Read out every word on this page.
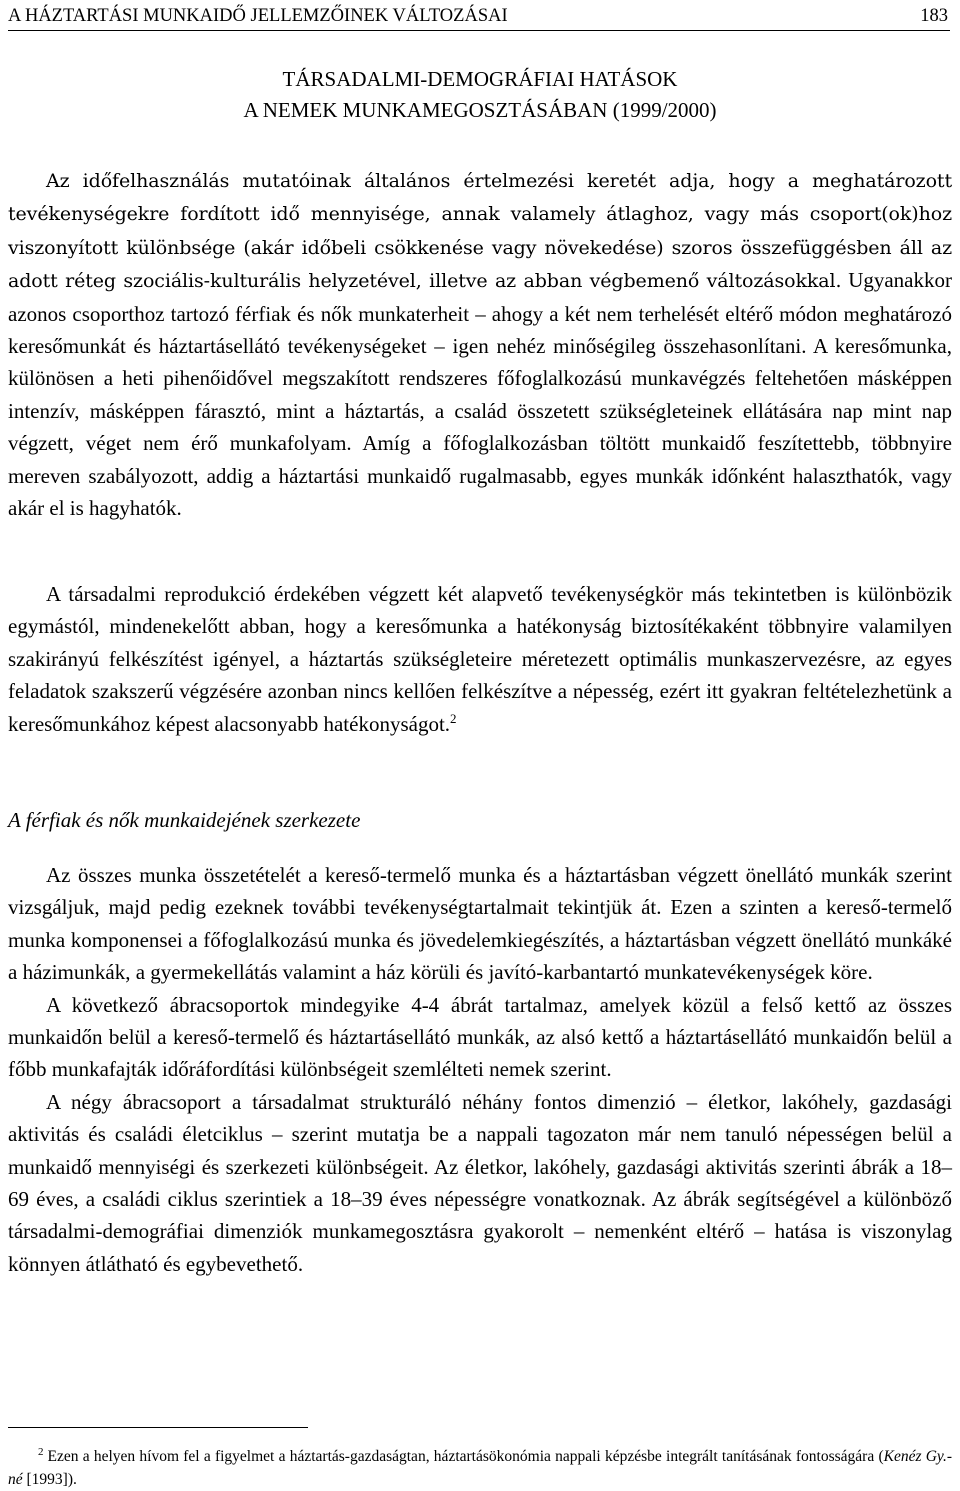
A HÁZTARTÁSI MUNKAIDŐ JELLEMZŐINEK VÁLTOZÁSAI	183
TÁRSADALMI-DEMOGRÁFIAI HATÁSOK
A NEMEK MUNKAMEGOSZTÁSÁBAN (1999/2000)

Az időfelhasználás mutatóinak általános értelmezési keretét adja, hogy a meghatározott tevékenységekre fordított idő mennyisége, annak valamely átlaghoz, vagy más csoport(ok)hoz viszonyított különbsége (akár időbeli csökkenése vagy növekedése) szoros összefüggésben áll az adott réteg szociális-kulturális helyzetével, illetve az abban végbemenő változásokkal. Ugyanakkor azonos csoporthoz tartozó férfiak és nők munkaterheit – ahogy a két nem terhelését eltérő módon meghatározó keresőmunkát és háztartásellátó tevékenységeket – igen nehéz minőségileg összehasonlítani. A keresőmunka, különösen a heti pihenőidővel megszakított rendszeres főfoglalkozású munkavégzés feltehetően másképpen intenzív, másképpen fárasztó, mint a háztartás, a család összetett szükségleteinek ellátására nap mint nap végzett, véget nem érő munkafolyam. Amíg a főfoglalkozásban töltött munkaidő feszítettebb, többnyire mereven szabályozott, addig a háztartási munkaidő rugalmasabb, egyes munkák időnként halaszthatók, vagy akár el is hagyhatók.

A társadalmi reprodukció érdekében végzett két alapvető tevékenységkör más tekintetben is különbözik egymástól, mindenekelőtt abban, hogy a keresőmunka a hatékonyság biztosítékaként többnyire valamilyen szakirányú felkészítést igényel, a háztartás szükségleteire méretezett optimális munkaszervezésre, az egyes feladatok szakszerű végzésére azonban nincs kellően felkészítve a népesség, ezért itt gyakran feltételezhetünk a keresőmunkához képest alacsonyabb hatékonyságot.$^2$

A férfiak és nők munkaidejének szerkezete

Az összes munka összetételét a kereső-termelő munka és a háztartásban végzett önellátó munkák szerint vizsgáljuk, majd pedig ezeknek további tevékenységtartalmait tekintjük át. Ezen a szinten a kereső-termelő munka komponensei a főfoglalkozású munka és jövedelemkiegészítés, a háztartásban végzett önellátó munkáké a házimunkák, a gyermekellátás valamint a ház körüli és javító-karbantartó munkatevékenységek köre.

A következő ábracsoportok mindegyike 4-4 ábrát tartalmaz, amelyek közül a felső kettő az összes munkaidőn belül a kereső-termelő és háztartásellátó munkák, az alsó kettő a háztartásellátó munkaidőn belül a főbb munkafajták időráfordítási különbségeit szemlélteti nemek szerint.

A négy ábracsoport a társadalmat strukturáló néhány fontos dimenzió – életkor, lakóhely, gazdasági aktivitás és családi életciklus – szerint mutatja be a nappali tagozaton már nem tanuló népességen belül a munkaidő mennyiségi és szerkezeti különbségeit. Az életkor, lakóhely, gazdasági aktivitás szerinti ábrák a 18–69 éves, a családi ciklus szerintiek a 18–39 éves népességre vonatkoznak. Az ábrák segítségével a különböző társadalmi-demográfiai dimenziók munkamegosztásra gyakorolt – nemenként eltérő – hatása is viszonylag könnyen átlátható és egybevethető.

$^2$ Ezen a helyen hívom fel a figyelmet a háztartás-gazdaságtan, háztartásökonómia nappali képzésbe integrált tanításának fontosságára (Kenéz Gy.-né [1993]).
